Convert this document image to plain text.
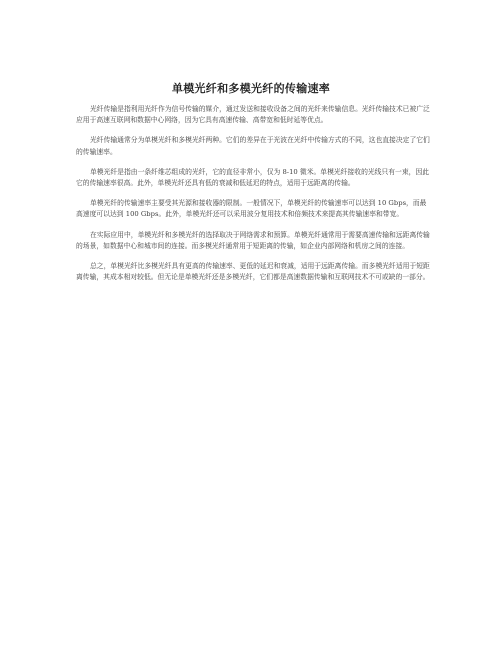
单模光纤和多模光纤的传输速率

光纤传输是指利用光纤作为信号传输的媒介，通过发送和接收设备之间的光纤来传输信息。光纤传输技术已被广泛应用于高速互联网和数据中心网络，因为它具有高速传输、高带宽和低时延等优点。

光纤传输通常分为单模光纤和多模光纤两种。它们的差异在于光波在光纤中传输方式的不同，这也直接决定了它们的传输速率。

单模光纤是指由一条纤维芯组成的光纤，它的直径非常小，仅为 8-10 微米。单模光纤接收的光线只有一束，因此它的传输速率很高。此外，单模光纤还具有低的衰减和低延迟的特点，适用于远距离的传输。

单模光纤的传输速率主要受其光源和接收器的限制。一般情况下，单模光纤的传输速率可以达到 10 Gbps，而最高速度可以达到 100 Gbps。此外，单模光纤还可以采用波分复用技术和倍频技术来提高其传输速率和带宽。

在实际应用中，单模光纤和多模光纤的选择取决于网络需求和预算。单模光纤通常用于需要高速传输和远距离传输的场景，如数据中心和城市间的连接。而多模光纤通常用于短距离的传输，如企业内部网络和机房之间的连接。

总之，单模光纤比多模光纤具有更高的传输速率、更低的延迟和衰减，适用于远距离传输。而多模光纤适用于短距离传输，其成本相对较低。但无论是单模光纤还是多模光纤，它们都是高速数据传输和互联网技术不可或缺的一部分。
